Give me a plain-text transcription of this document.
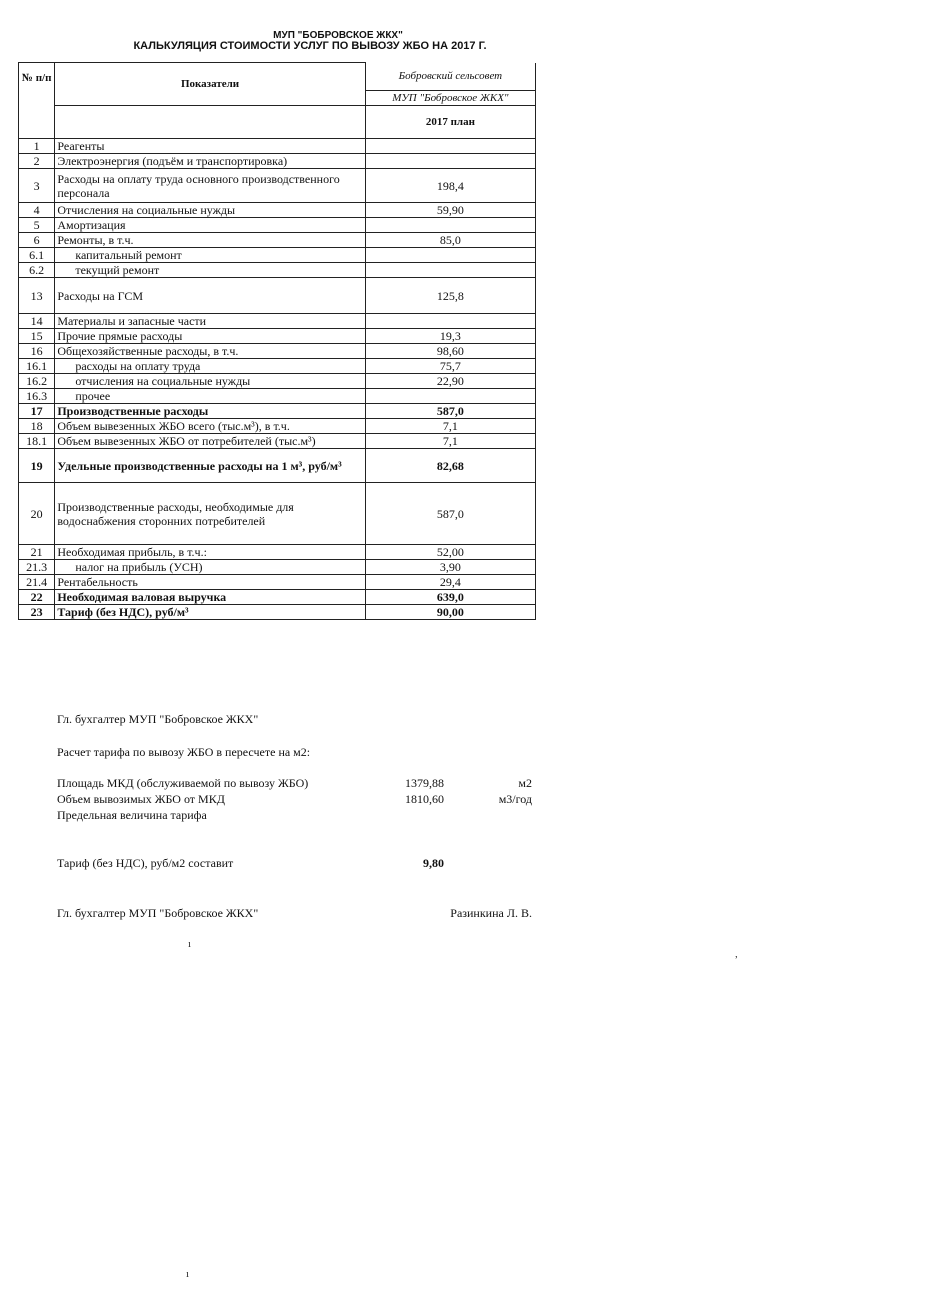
МУП "БОБРОВСКОЕ ЖКХ"
КАЛЬКУЛЯЦИЯ СТОИМОСТИ УСЛУГ ПО ВЫВОЗУ ЖБО НА 2017 Г.
№ п/п	Показатели	Бобровский сельсовет
		МУП "Бобровское ЖКХ"
		2017 план
1	Реагенты	
2	Электроэнергия (подъём и транспортировка)	
3	Расходы на оплату труда основного производственного персонала	198,4
4	Отчисления на социальные нужды	59,90
5	Амортизация	
6	Ремонты, в т.ч.	85,0
6.1	капитальный ремонт	
6.2	текущий ремонт	
13	Расходы на ГСМ	125,8
14	Материалы и запасные части	
15	Прочие прямые расходы	19,3
16	Общехозяйственные расходы, в т.ч.	98,60
16.1	расходы на оплату труда	75,7
16.2	отчисления на социальные нужды	22,90
16.3	прочее	
17	Производственные расходы	587,0
18	Объем вывезенных ЖБО всего (тыс.м³), в т.ч.	7,1
18.1	Объем вывезенных ЖБО от потребителей (тыс.м³)	7,1
19	Удельные производственные расходы на 1 м³, руб/м³	82,68
20	Производственные расходы, необходимые для водоснабжения сторонних потребителей	587,0
21	Необходимая прибыль, в т.ч.:	52,00
21.3	налог на прибыль (УСН)	3,90
21.4	Рентабельность	29,4
22	Необходимая валовая выручка	639,0
23	Тариф (без НДС), руб/м³	90,00
Гл. бухгалтер МУП "Бобровское ЖКХ"
Расчет тарифа по вывозу ЖБО в пересчете на м2:
Площадь МКД (обслуживаемой по вывозу ЖБО)	1379,88	м2
Объем вывозимых ЖБО от МКД	1810,60	м3/год
Предельная величина тарифа
Тариф (без НДС), руб/м2 составит	9,80
Гл. бухгалтер МУП "Бобровское ЖКХ"	Разинкина Л. В.
ı
ı
,
